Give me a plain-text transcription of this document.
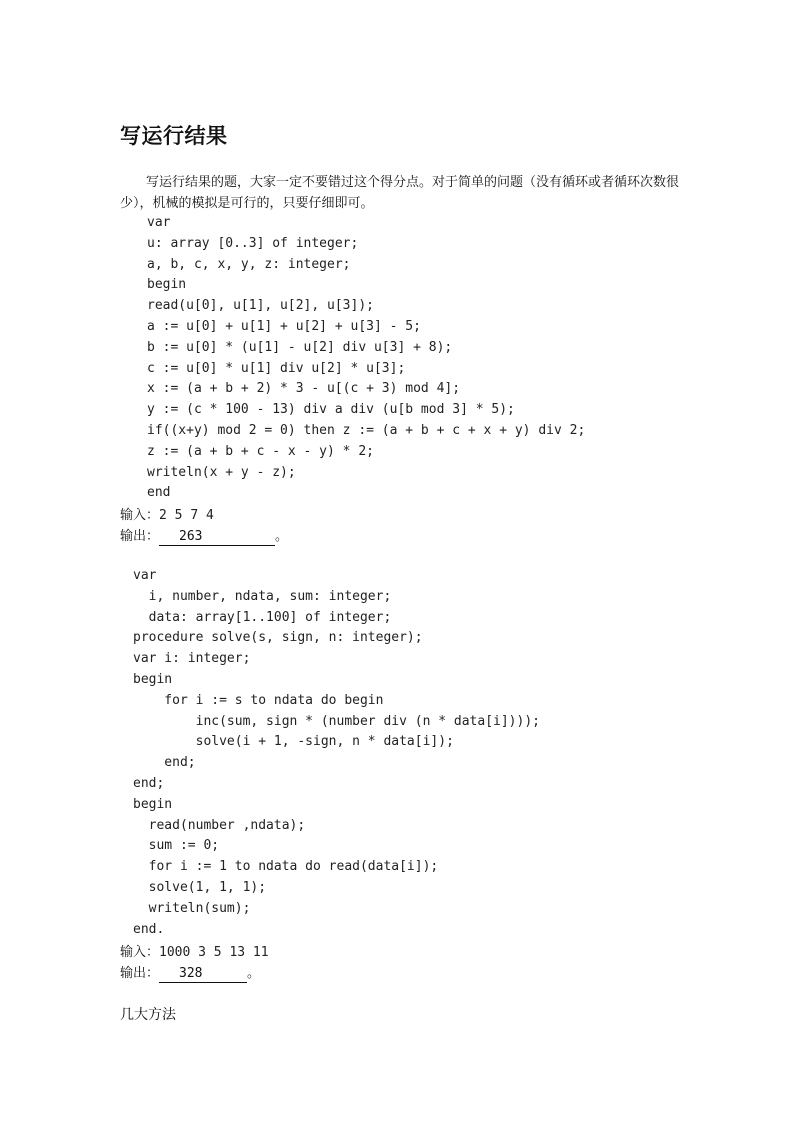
写运行结果
写运行结果的题，大家一定不要错过这个得分点。对于简单的问题（没有循环或者循环次数很少），机械的模拟是可行的，只要仔细即可。
var
u: array [0..3] of integer;
a, b, c, x, y, z: integer;
begin
read(u[0], u[1], u[2], u[3]);
a := u[0] + u[1] + u[2] + u[3] - 5;
b := u[0] * (u[1] - u[2] div u[3] + 8);
c := u[0] * u[1] div u[2] * u[3];
x := (a + b + 2) * 3 - u[(c + 3) mod 4];
y := (c * 100 - 13) div a div (u[b mod 3] * 5);
if((x+y) mod 2 = 0) then z := (a + b + c + x + y) div 2;
z := (a + b + c - x - y) * 2;
writeln(x + y - z);
end
输入：2 5 7 4
输出： 263	。
var
i, number, ndata, sum: integer;
data: array[1..100] of integer;
procedure solve(s, sign, n: integer);
var i: integer;
begin
for i := s to ndata do begin
inc(sum, sign * (number div (n * data[i])));
solve(i + 1, -sign, n * data[i]);
end;
end;
begin
read(number ,ndata);
sum := 0;
for i := 1 to ndata do read(data[i]);
solve(1, 1, 1);
writeln(sum);
end.
输入：1000 3 5 13 11
输出： 328	。
几大方法
